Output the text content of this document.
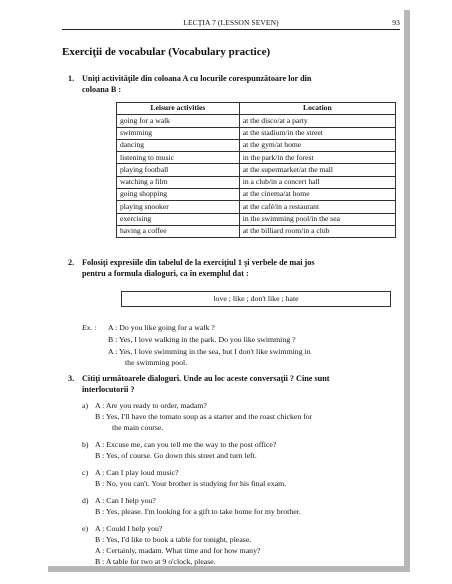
LECŢIA 7 (LESSON SEVEN)	93
Exerciţii de vocabular (Vocabulary practice)
1. Uniţi activităţile din coloana A cu locurile corespunzătoare lor din
coloana B :
Leisure activities	Location
going for a walk	at the disco/at a party
swimming	at the stadium/in the street
dancing	at the gym/at home
listening to music	in the park/in the forest
playing football	at the supermarket/at the mall
watching a film	in a club/in a concert hall
going shopping	at the cinema/at home
playing snooker	at the café/in a restaurant
exercising	in the swimming pool/in the sea
having a coffee	at the billiard room/in a club
2. Folosiţi expresiile din tabelul de la exerciţiul 1 şi verbele de mai jos
pentru a formula dialoguri, ca în exemplul dat :
love ; like ; don't like ; hate
Ex. : A : Do you like going for a walk ?
B : Yes, I love walking in the park. Do you like swimming ?
A : Yes, I love swimming in the sea, but I don't like swimming in
the swimming pool.
3. Citiţi următoarele dialoguri. Unde au loc aceste conversaţii ? Cine sunt
interlocutorii ?
a) A : Are you ready to order, madam?
B : Yes, I'll have the tomato soup as a starter and the roast chicken for
the main course.
b) A : Excuse me, can you tell me the way to the post office?
B : Yes, of course. Go down this street and turn left.
c) A : Can I play loud music?
B : No, you can't. Your brother is studying for his final exam.
d) A : Can I help you?
B : Yes, please. I'm looking for a gift to take home for my brother.
e) A : Could I help you?
B : Yes, I'd like to book a table for tonight, please.
A : Certainly, madam. What time and for how many?
B : A table for two at 9 o'clock, please.
